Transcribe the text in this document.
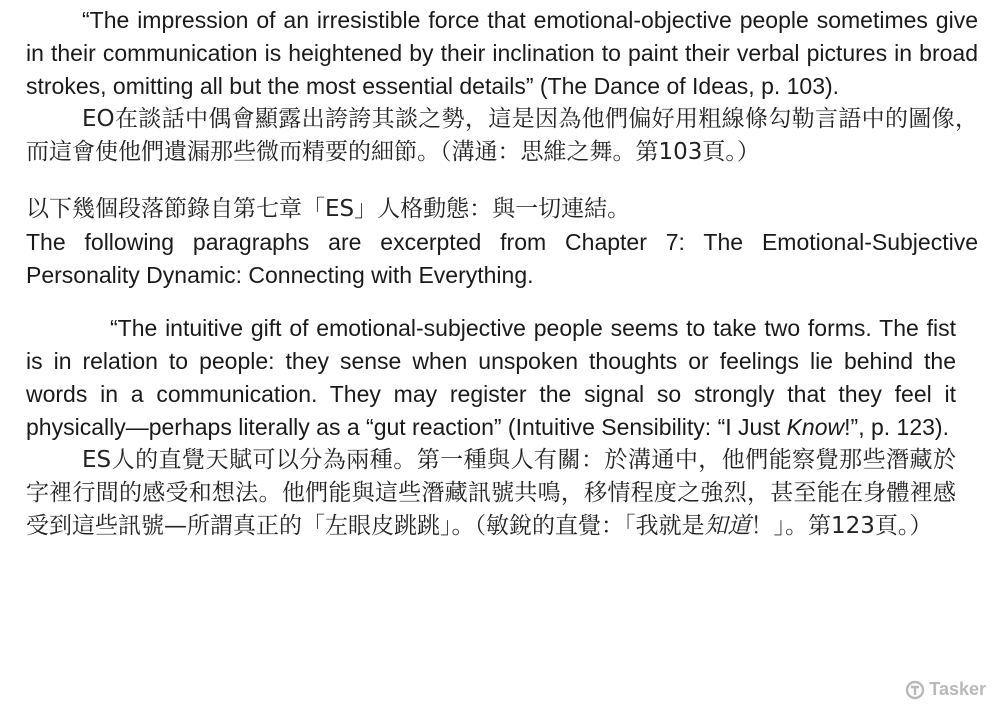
“The impression of an irresistible force that emotional-objective people sometimes give in their communication is heightened by their inclination to paint their verbal pictures in broad strokes, omitting all but the most essential details” (The Dance of Ideas, p. 103).

EO在談話中偶會顯露出誇誇其談之勢，這是因為他們偏好用粗線條勾勒言語中的圖像，而這會使他們遺漏那些微而精要的細節。（溝通：思維之舞。第103頁。）

以下幾個段落節錄自第七章「ES」人格動態：與一切連結。

The following paragraphs are excerpted from Chapter 7: The Emotional-Subjective Personality Dynamic: Connecting with Everything.

“The intuitive gift of emotional-subjective people seems to take two forms. The fist is in relation to people: they sense when unspoken thoughts or feelings lie behind the words in a communication. They may register the signal so strongly that they feel it physically—perhaps literally as a “gut reaction” (Intuitive Sensibility: “I Just Know!”, p. 123).

ES人的直覺天賦可以分為兩種。第一種與人有關：於溝通中，他們能察覺那些潛藏於字裡行間的感受和想法。他們能與這些潛藏訊號共鳴，移情程度之強烈，甚至能在身體裡感受到這些訊號—所謂真正的「左眼皮跳跳」。（敏銳的直覺：「我就是知道！」。第123頁。）

Tasker
